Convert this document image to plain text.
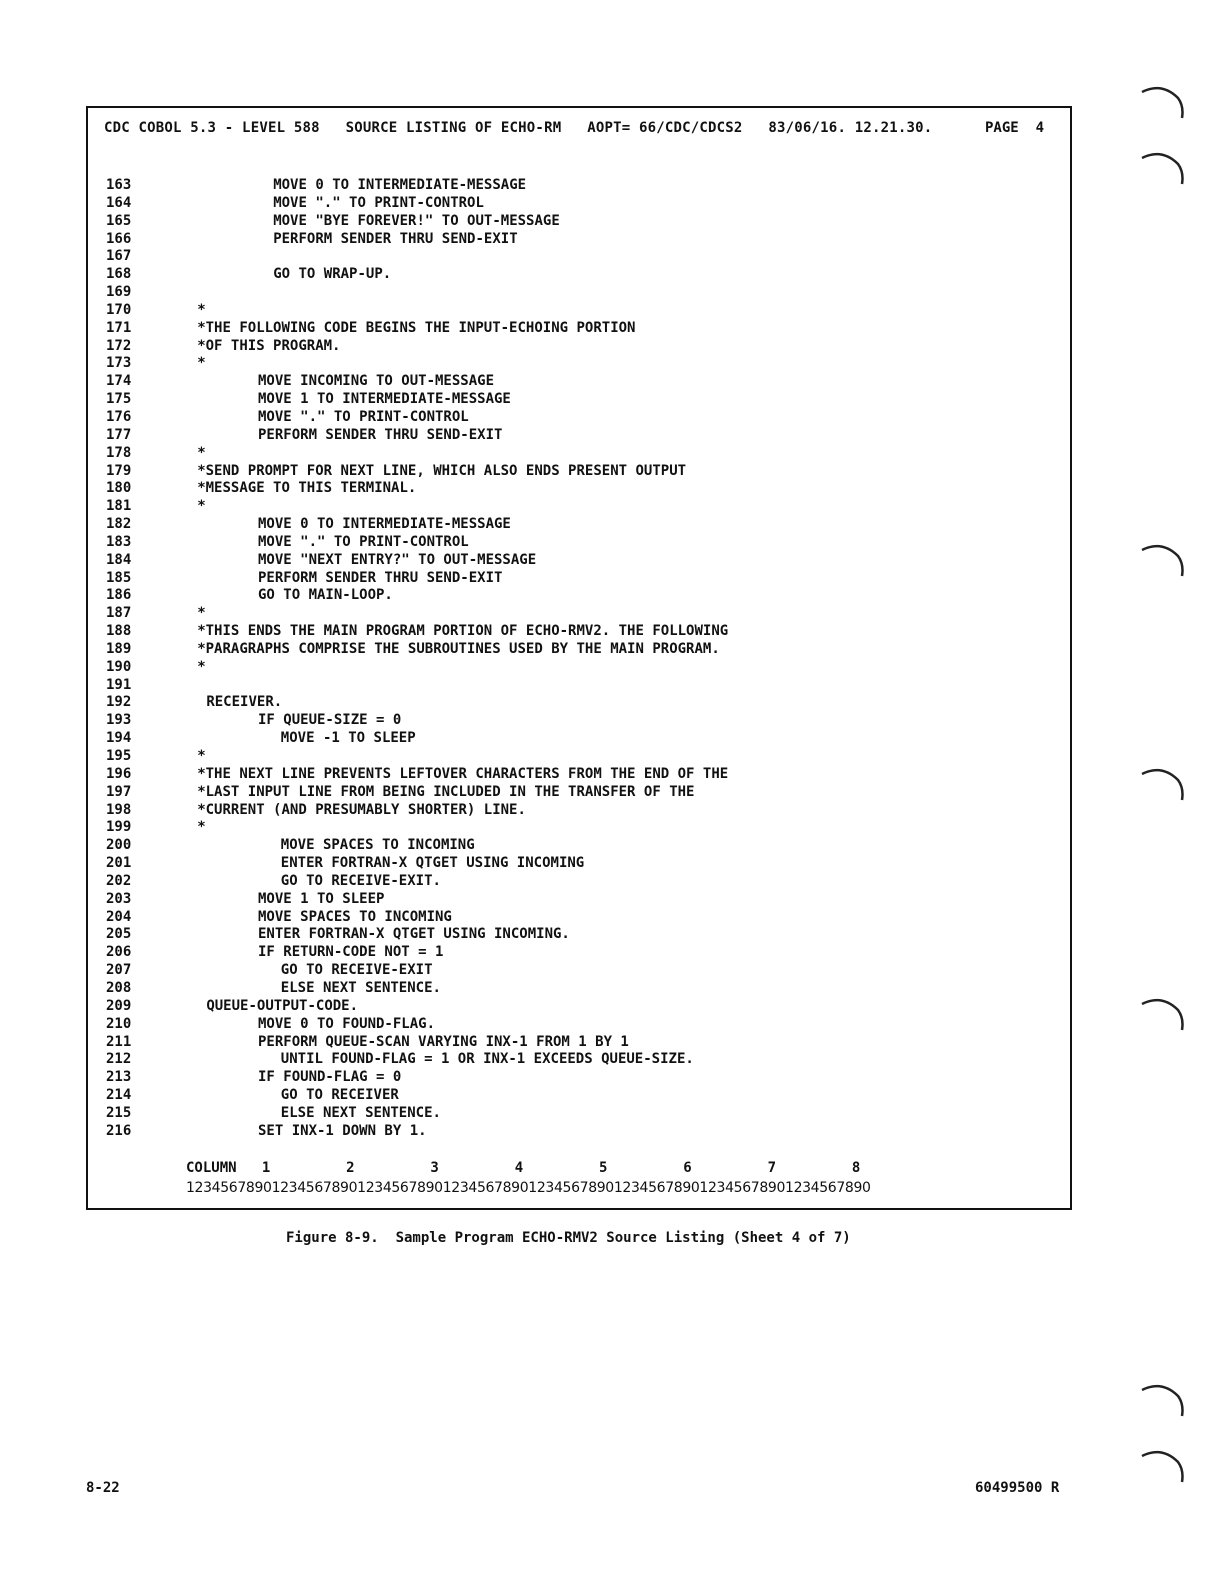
CDC COBOL 5.3 - LEVEL 588   SOURCE LISTING OF ECHO-RM   AOPT= 66/CDC/CDCS2   83/06/16. 12.21.30.	PAGE  4
163	MOVE 0 TO INTERMEDIATE-MESSAGE
164	MOVE "." TO PRINT-CONTROL
165	MOVE "BYE FOREVER!" TO OUT-MESSAGE
166	PERFORM SENDER THRU SEND-EXIT
167
168	GO TO WRAP-UP.
169
170	*
171	*THE FOLLOWING CODE BEGINS THE INPUT-ECHOING PORTION
172	*OF THIS PROGRAM.
173	*
174	MOVE INCOMING TO OUT-MESSAGE
175	MOVE 1 TO INTERMEDIATE-MESSAGE
176	MOVE "." TO PRINT-CONTROL
177	PERFORM SENDER THRU SEND-EXIT
178	*
179	*SEND PROMPT FOR NEXT LINE, WHICH ALSO ENDS PRESENT OUTPUT
180	*MESSAGE TO THIS TERMINAL.
181	*
182	MOVE 0 TO INTERMEDIATE-MESSAGE
183	MOVE "." TO PRINT-CONTROL
184	MOVE "NEXT ENTRY?" TO OUT-MESSAGE
185	PERFORM SENDER THRU SEND-EXIT
186	GO TO MAIN-LOOP.
187	*
188	*THIS ENDS THE MAIN PROGRAM PORTION OF ECHO-RMV2. THE FOLLOWING
189	*PARAGRAPHS COMPRISE THE SUBROUTINES USED BY THE MAIN PROGRAM.
190	*
191
192	RECEIVER.
193	IF QUEUE-SIZE = 0
194	MOVE -1 TO SLEEP
195	*
196	*THE NEXT LINE PREVENTS LEFTOVER CHARACTERS FROM THE END OF THE
197	*LAST INPUT LINE FROM BEING INCLUDED IN THE TRANSFER OF THE
198	*CURRENT (AND PRESUMABLY SHORTER) LINE.
199	*
200	MOVE SPACES TO INCOMING
201	ENTER FORTRAN-X QTGET USING INCOMING
202	GO TO RECEIVE-EXIT.
203	MOVE 1 TO SLEEP
204	MOVE SPACES TO INCOMING
205	ENTER FORTRAN-X QTGET USING INCOMING.
206	IF RETURN-CODE NOT = 1
207	GO TO RECEIVE-EXIT
208	ELSE NEXT SENTENCE.
209	QUEUE-OUTPUT-CODE.
210	MOVE 0 TO FOUND-FLAG.
211	PERFORM QUEUE-SCAN VARYING INX-1 FROM 1 BY 1
212	UNTIL FOUND-FLAG = 1 OR INX-1 EXCEEDS QUEUE-SIZE.
213	IF FOUND-FLAG = 0
214	GO TO RECEIVER
215	ELSE NEXT SENTENCE.
216	SET INX-1 DOWN BY 1.
COLUMN   1         2         3         4         5         6         7         8
12345678901234567890123456789012345678901234567890123456789012345678901234567890
Figure 8-9.  Sample Program ECHO-RMV2 Source Listing (Sheet 4 of 7)
8-22	60499500 R
